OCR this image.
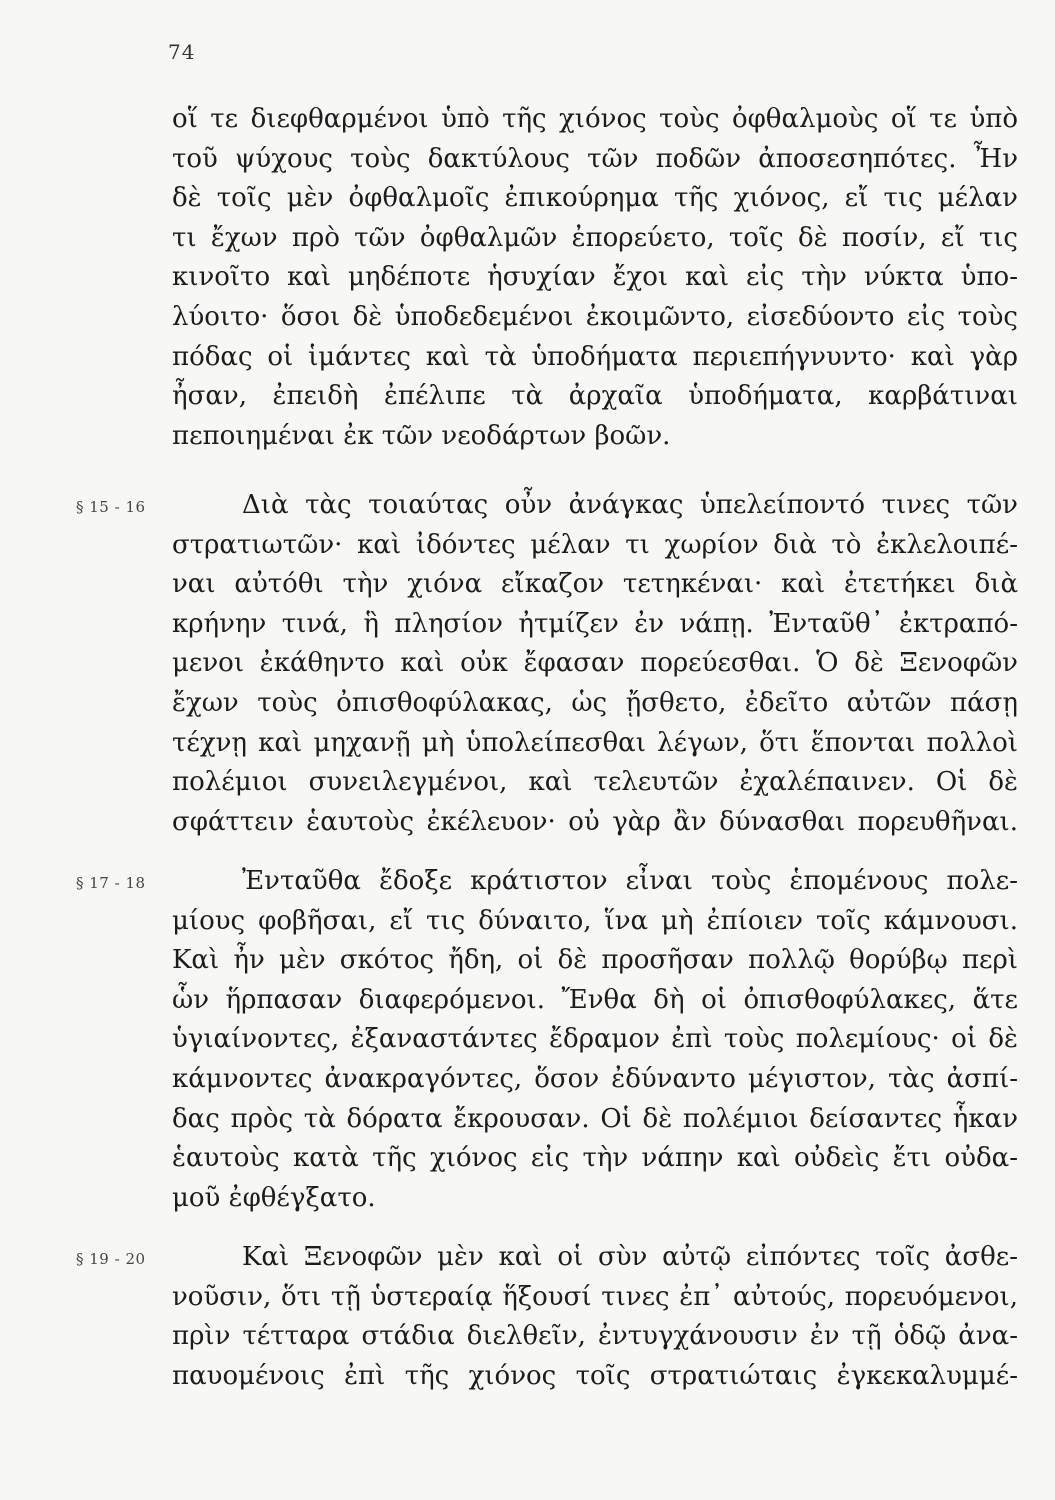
74
§ 15 - 16
§ 17 - 18
§ 19 - 20
οἵ τε διεφθαρμένοι ὑπὸ τῆς χιόνος τοὺς ὀφθαλμοὺς οἵ τε ὑπὸ
τοῦ ψύχους τοὺς δακτύλους τῶν ποδῶν ἀποσεσηπότες. Ἦν
δὲ τοῖς μὲν ὀφθαλμοῖς ἐπικούρημα τῆς χιόνος, εἴ τις μέλαν
τι ἔχων πρὸ τῶν ὀφθαλμῶν ἐπορεύετο, τοῖς δὲ ποσίν, εἴ τις
κινοῖτο καὶ μηδέποτε ἡσυχίαν ἔχοι καὶ εἰς τὴν νύκτα ὑπο-
λύοιτο· ὅσοι δὲ ὑποδεδεμένοι ἐκοιμῶντο, εἰσεδύοντο εἰς τοὺς
πόδας οἱ ἱμάντες καὶ τὰ ὑποδήματα περιεπήγνυντο· καὶ γὰρ
ἦσαν, ἐπειδὴ ἐπέλιπε τὰ ἀρχαῖα ὑποδήματα, καρβάτιναι
πεποιημέναι ἐκ τῶν νεοδάρτων βοῶν.
Διὰ τὰς τοιαύτας οὖν ἀνάγκας ὑπελείποντό τινες τῶν
στρατιωτῶν· καὶ ἰδόντες μέλαν τι χωρίον διὰ τὸ ἐκλελοιπέ-
ναι αὐτόθι τὴν χιόνα εἴκαζον τετηκέναι· καὶ ἐτετήκει διὰ
κρήνην τινά, ἣ πλησίον ἠτμίζεν ἐν νάπῃ. Ἐνταῦθ᾽ ἐκτραπό-
μενοι ἐκάθηντο καὶ οὐκ ἔφασαν πορεύεσθαι. Ὁ δὲ Ξενοφῶν
ἔχων τοὺς ὀπισθοφύλακας, ὡς ᾔσθετο, ἐδεῖτο αὐτῶν πάσῃ
τέχνῃ καὶ μηχανῇ μὴ ὑπολείπεσθαι λέγων, ὅτι ἕπονται πολλοὶ
πολέμιοι συνειλεγμένοι, καὶ τελευτῶν ἐχαλέπαινεν. Οἱ δὲ
σφάττειν ἑαυτοὺς ἐκέλευον· οὐ γὰρ ἂν δύνασθαι πορευθῆναι.
Ἐνταῦθα ἔδοξε κράτιστον εἶναι τοὺς ἑπομένους πολε-
μίους φοβῆσαι, εἴ τις δύναιτο, ἵνα μὴ ἐπίοιεν τοῖς κάμνουσι.
Καὶ ἦν μὲν σκότος ἤδη, οἱ δὲ προσῆσαν πολλῷ θορύβῳ περὶ
ὧν ἥρπασαν διαφερόμενοι. Ἔνθα δὴ οἱ ὀπισθοφύλακες, ἅτε
ὑγιαίνοντες, ἐξαναστάντες ἔδραμον ἐπὶ τοὺς πολεμίους· οἱ δὲ
κάμνοντες ἀνακραγόντες, ὅσον ἐδύναντο μέγιστον, τὰς ἀσπί-
δας πρὸς τὰ δόρατα ἔκρουσαν. Οἱ δὲ πολέμιοι δείσαντες ἧκαν
ἑαυτοὺς κατὰ τῆς χιόνος εἰς τὴν νάπην καὶ οὐδεὶς ἔτι οὐδα-
μοῦ ἐφθέγξατο.
Καὶ Ξενοφῶν μὲν καὶ οἱ σὺν αὐτῷ εἰπόντες τοῖς ἀσθε-
νοῦσιν, ὅτι τῇ ὑστεραίᾳ ἥξουσί τινες ἐπ᾽ αὐτούς, πορευόμενοι,
πρὶν τέτταρα στάδια διελθεῖν, ἐντυγχάνουσιν ἐν τῇ ὁδῷ ἀνα-
παυομένοις ἐπὶ τῆς χιόνος τοῖς στρατιώταις ἐγκεκαλυμμέ-
